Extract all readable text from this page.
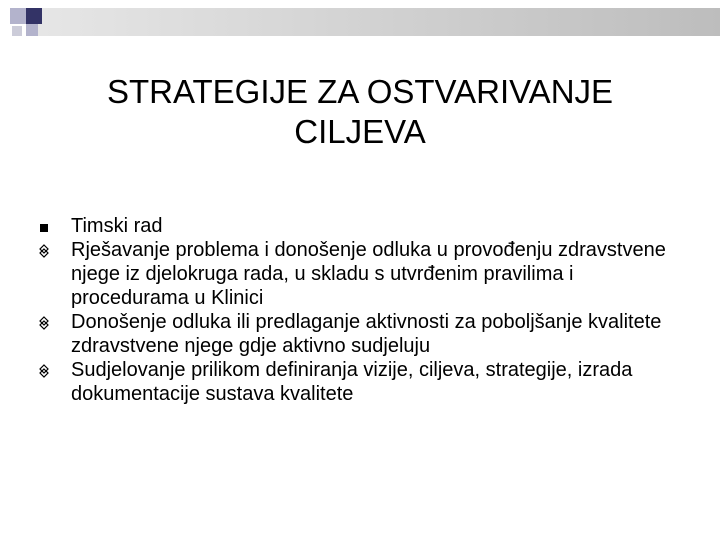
STRATEGIJE ZA OSTVARIVANJE
CILJEVA
Timski rad
Rješavanje problema i donošenje odluka u provođenju zdravstvene njege iz djelokruga rada, u skladu s utvrđenim pravilima i procedurama u Klinici
Donošenje odluka ili predlaganje aktivnosti za poboljšanje kvalitete zdravstvene njege gdje aktivno sudjeluju
Sudjelovanje prilikom definiranja vizije, ciljeva, strategije, izrada dokumentacije sustava kvalitete
